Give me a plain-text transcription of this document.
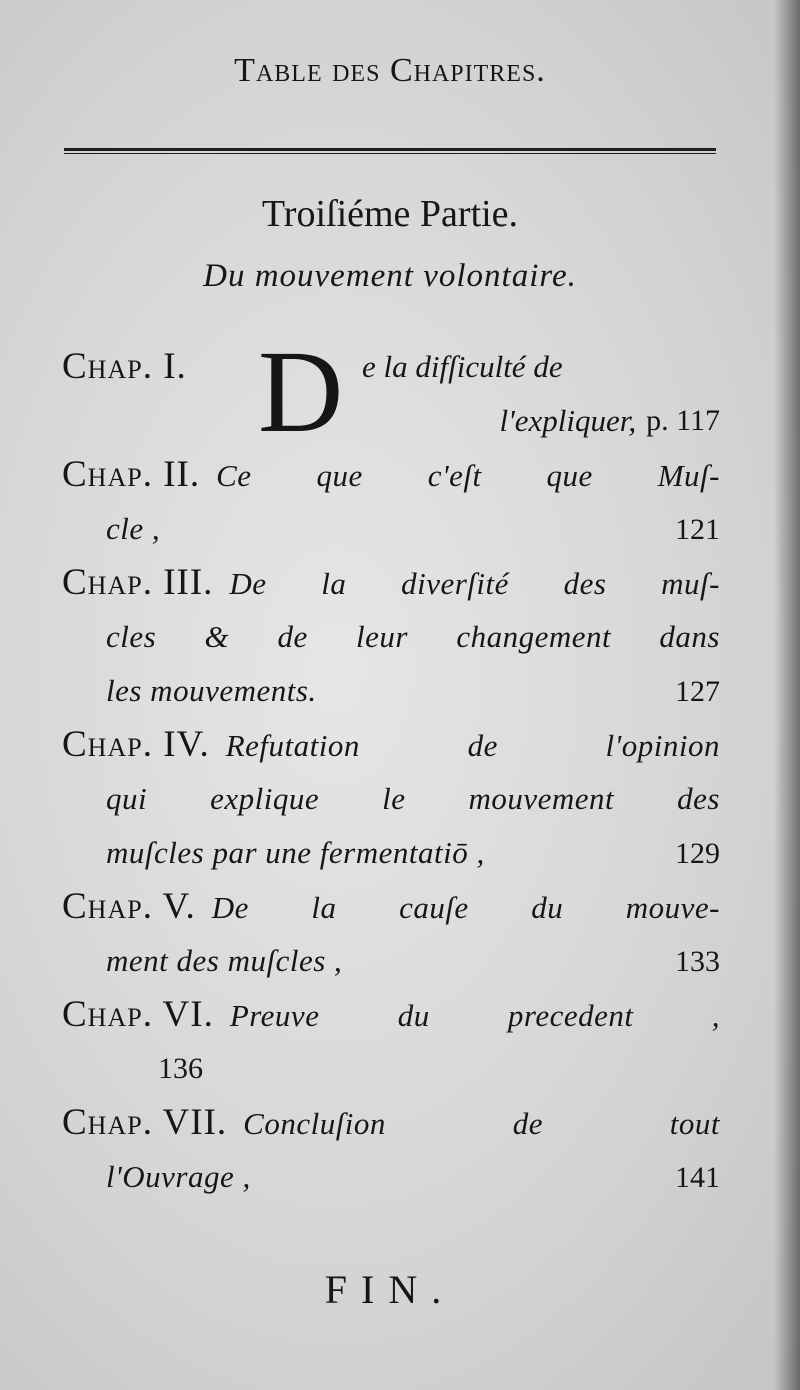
Table des Chapitres.
Troiſiéme Partie.
Du mouvement volontaire.
Chap. I. D e la difſiculté de
l'expliquer, p. 117
Chap. II. Ce que c'eſt que Muſ-
cle ,	121
Chap. III. De la diverſité des muſ-
cles & de leur changement dans
les mouvements.	127
Chap. IV. Refutation de l'opinion
qui explique le mouvement des
muſcles par une fermentatiō ,	129
Chap. V. De la cauſe du mouve-
ment des muſcles ,	133
Chap. VI. Preuve du precedent ,
136
Chap. VII. Concluſion de tout
l'Ouvrage ,	141
FIN.
